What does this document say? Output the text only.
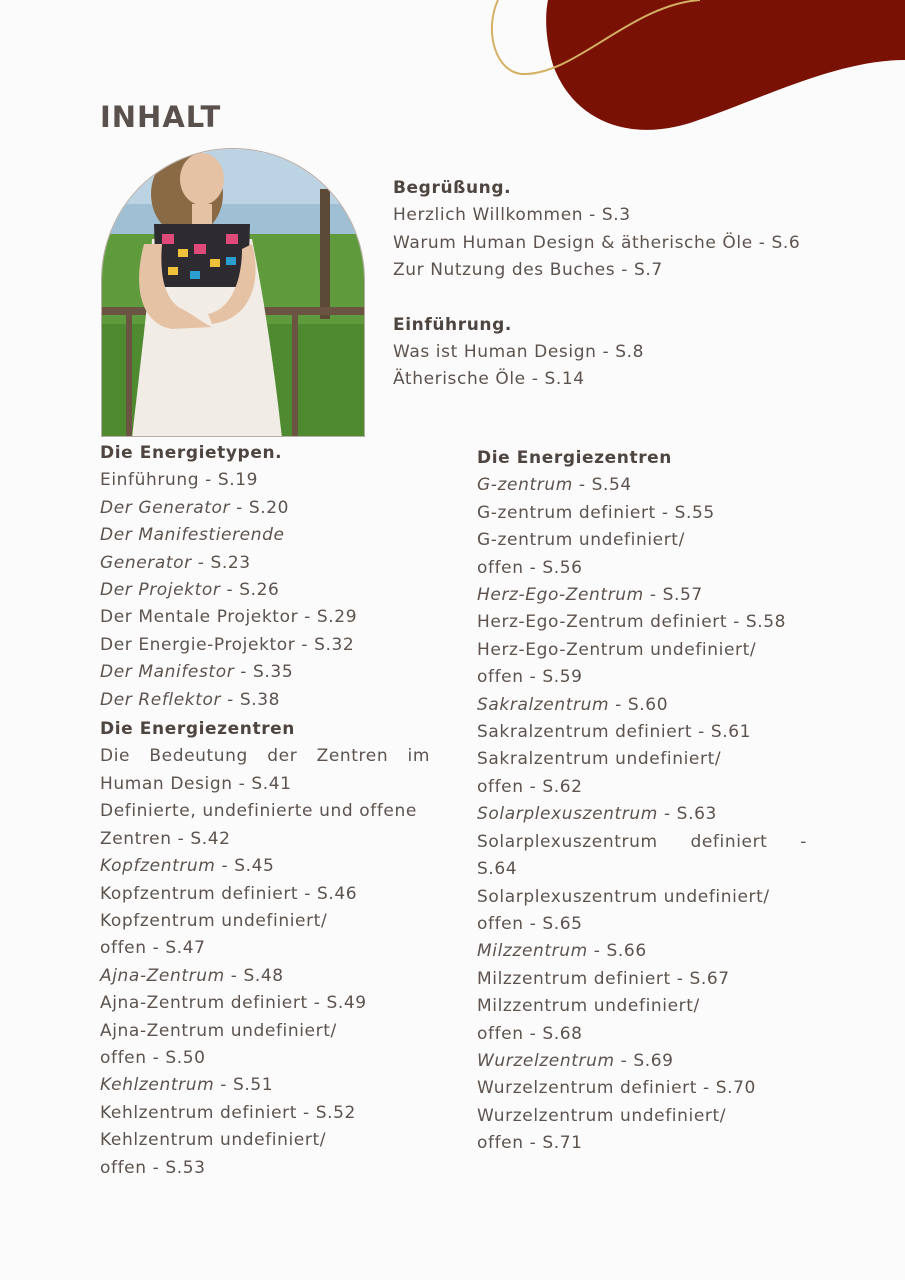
INHALT
Begrüßung.
Herzlich Willkommen - S.3
Warum Human Design & ätherische Öle - S.6
Zur Nutzung des Buches - S.7
Einführung.
Was ist Human Design - S.8
Ätherische Öle - S.14
Die Energietypen.
Einführung - S.19
Der Generator - S.20
Der Manifestierende
Generator - S.23
Der Projektor - S.26
Der Mentale Projektor - S.29
Der Energie-Projektor - S.32
Der Manifestor - S.35
Der Reflektor - S.38
Die Energiezentren
Die Bedeutung der Zentren im
Human Design - S.41
Definierte, undefinierte und offene
Zentren - S.42
Kopfzentrum - S.45
Kopfzentrum definiert - S.46
Kopfzentrum undefiniert/
offen - S.47
Ajna-Zentrum - S.48
Ajna-Zentrum definiert - S.49
Ajna-Zentrum undefiniert/
offen - S.50
Kehlzentrum - S.51
Kehlzentrum definiert - S.52
Kehlzentrum undefiniert/
offen - S.53
Die Energiezentren
G-zentrum - S.54
G-zentrum definiert - S.55
G-zentrum undefiniert/
offen - S.56
Herz-Ego-Zentrum - S.57
Herz-Ego-Zentrum definiert - S.58
Herz-Ego-Zentrum undefiniert/
offen - S.59
Sakralzentrum - S.60
Sakralzentrum definiert - S.61
Sakralzentrum undefiniert/
offen - S.62
Solarplexuszentrum - S.63
Solarplexuszentrum definiert -
S.64
Solarplexuszentrum undefiniert/
offen - S.65
Milzzentrum - S.66
Milzzentrum definiert - S.67
Milzzentrum undefiniert/
offen - S.68
Wurzelzentrum - S.69
Wurzelzentrum definiert - S.70
Wurzelzentrum undefiniert/
offen - S.71
